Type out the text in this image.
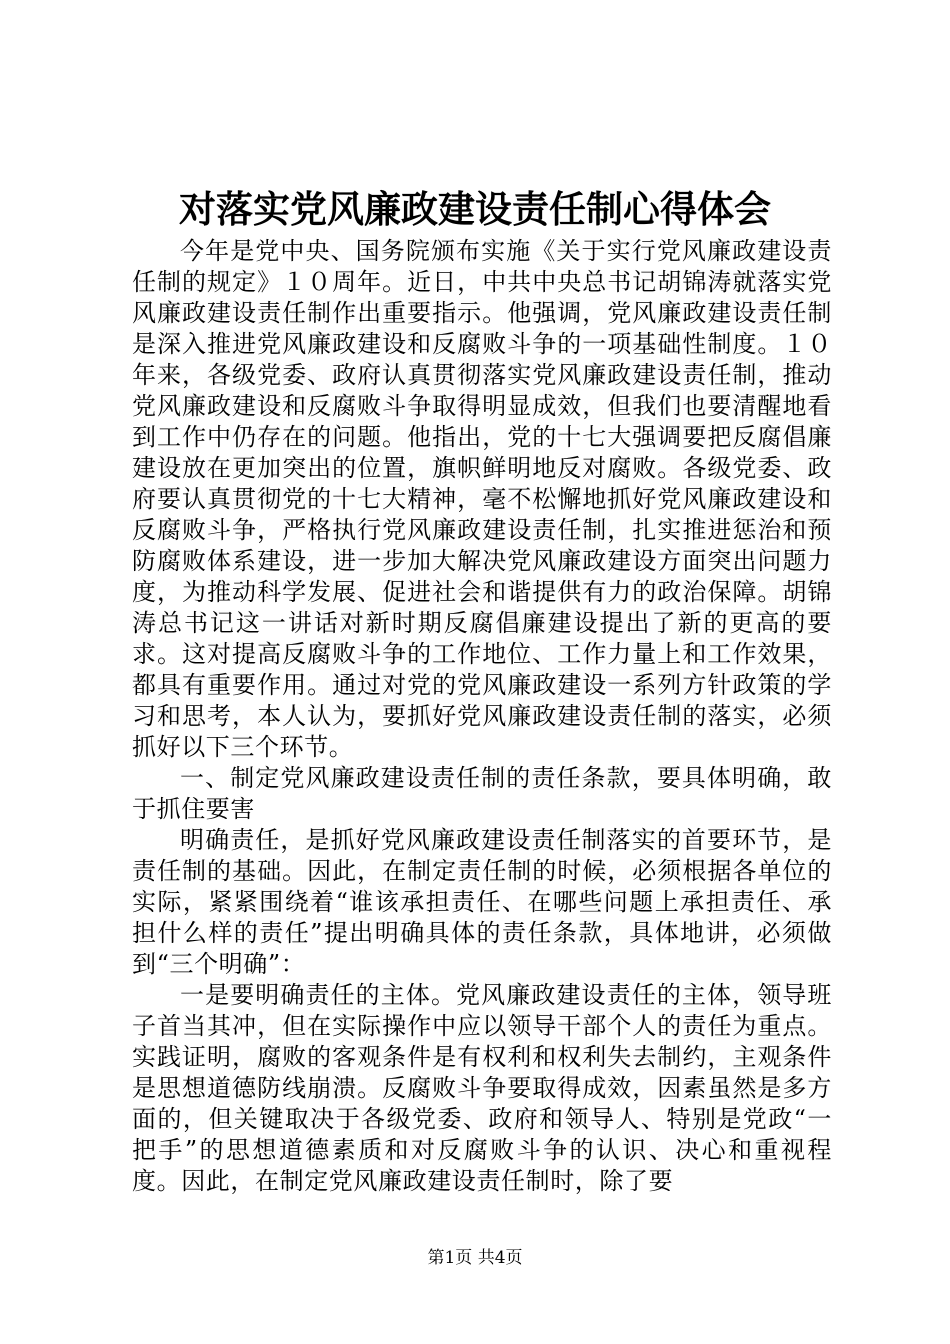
对落实党风廉政建设责任制心得体会

今年是党中央、国务院颁布实施《关于实行党风廉政建设责任制的规定》１０周年。近日，中共中央总书记胡锦涛就落实党风廉政建设责任制作出重要指示。他强调，党风廉政建设责任制是深入推进党风廉政建设和反腐败斗争的一项基础性制度。１０年来，各级党委、政府认真贯彻落实党风廉政建设责任制，推动党风廉政建设和反腐败斗争取得明显成效，但我们也要清醒地看到工作中仍存在的问题。他指出，党的十七大强调要把反腐倡廉建设放在更加突出的位置，旗帜鲜明地反对腐败。各级党委、政府要认真贯彻党的十七大精神，毫不松懈地抓好党风廉政建设和反腐败斗争，严格执行党风廉政建设责任制，扎实推进惩治和预防腐败体系建设，进一步加大解决党风廉政建设方面突出问题力度，为推动科学发展、促进社会和谐提供有力的政治保障。胡锦涛总书记这一讲话对新时期反腐倡廉建设提出了新的更高的要求。这对提高反腐败斗争的工作地位、工作力量上和工作效果，都具有重要作用。通过对党的党风廉政建设一系列方针政策的学习和思考，本人认为，要抓好党风廉政建设责任制的落实，必须抓好以下三个环节。

一、制定党风廉政建设责任制的责任条款，要具体明确，敢于抓住要害

明确责任，是抓好党风廉政建设责任制落实的首要环节，是责任制的基础。因此，在制定责任制的时候，必须根据各单位的实际，紧紧围绕着“谁该承担责任、在哪些问题上承担责任、承担什么样的责任”提出明确具体的责任条款，具体地讲，必须做到“三个明确”：

一是要明确责任的主体。党风廉政建设责任的主体，领导班子首当其冲，但在实际操作中应以领导干部个人的责任为重点。实践证明，腐败的客观条件是有权利和权利失去制约，主观条件是思想道德防线崩溃。反腐败斗争要取得成效，因素虽然是多方面的，但关键取决于各级党委、政府和领导人、特别是党政“一把手”的思想道德素质和对反腐败斗争的认识、决心和重视程度。因此，在制定党风廉政建设责任制时，除了要

第1页 共4页
